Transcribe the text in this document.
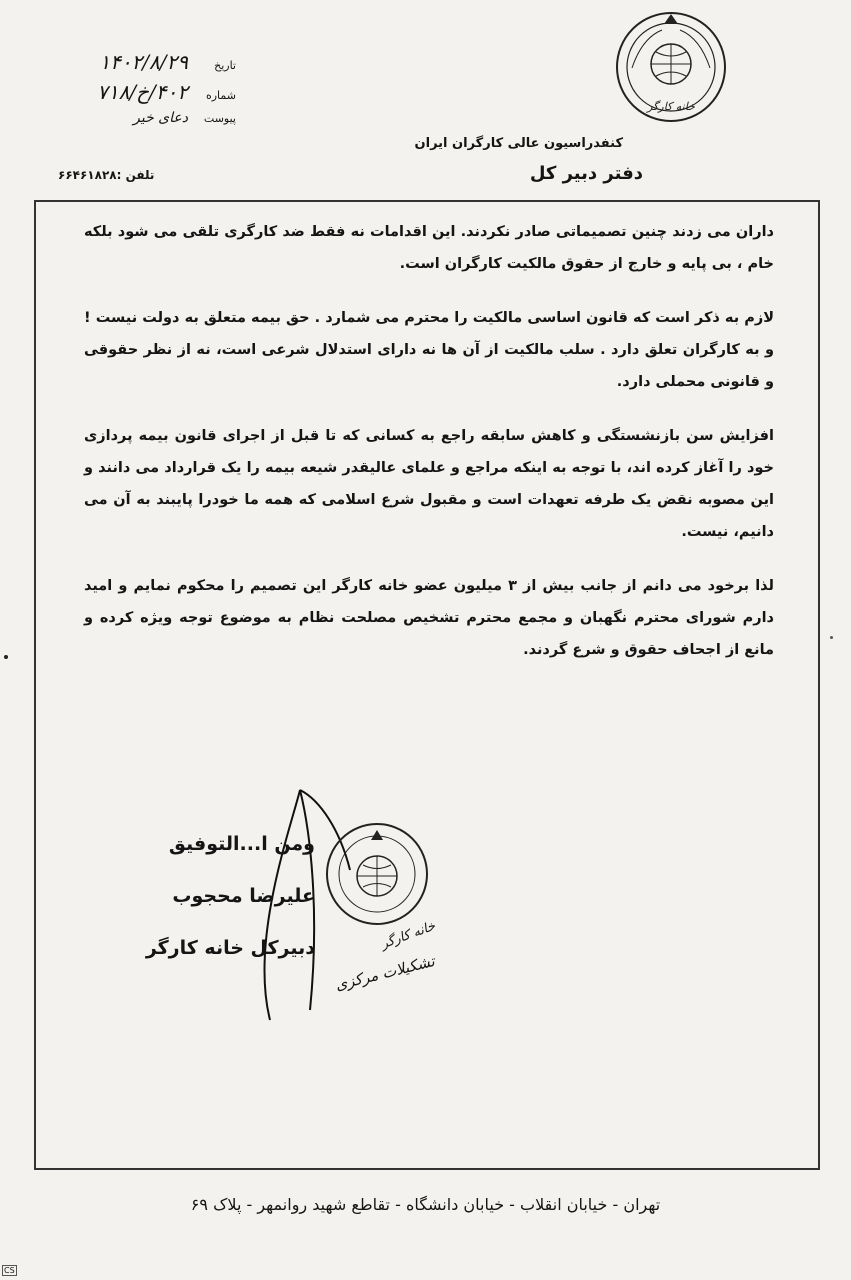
خانه کارگر
کنفدراسیون عالی کارگران ایران
دفتر دبیر کل
تاریخ
۱۴۰۲/۸/۲۹
شماره
۴۰۲/خ/۷۱۸
پیوست
دعای خیر
تلفن :۶۶۴۶۱۸۲۸

داران می زدند چنین تصمیماتی صادر نکردند. این اقدامات نه فقط ضد کارگری تلقی می شود بلکه خام ، بی پایه و خارج از حقوق مالکیت کارگران است.

لازم به ذکر است که قانون اساسی مالکیت را محترم می شمارد . حق بیمه متعلق به دولت نیست ! و به کارگران تعلق دارد . سلب مالکیت از آن ها نه دارای استدلال شرعی است، نه از نظر حقوقی و قانونی محملی دارد.

افزایش سن بازنشستگی و کاهش سابقه راجع به کسانی که تا قبل از اجرای قانون بیمه پردازی خود را آغاز کرده اند، با توجه به اینکه مراجع و علمای عالیقدر شیعه بیمه را یک قرارداد می دانند و این مصوبه نقض یک طرفه تعهدات است و مقبول شرع اسلامی که همه ما خودرا پایبند به آن می دانیم، نیست.

لذا برخود می دانم از جانب بیش از ۳ میلیون عضو خانه کارگر این تصمیم را محکوم نمایم و امید دارم شورای محترم نگهبان و مجمع محترم تشخیص مصلحت نظام به موضوع توجه ویژه کرده و مانع از اجحاف حقوق و شرع گردند.

تشکیلات مرکزی
خانه کارگر
ومن ا...التوفیق
علیرضا محجوب
دبیرکل خانه کارگر
تهران - خیابان انقلاب - خیابان دانشگاه - تقاطع شهید روانمهر - پلاک ۶۹
CS
